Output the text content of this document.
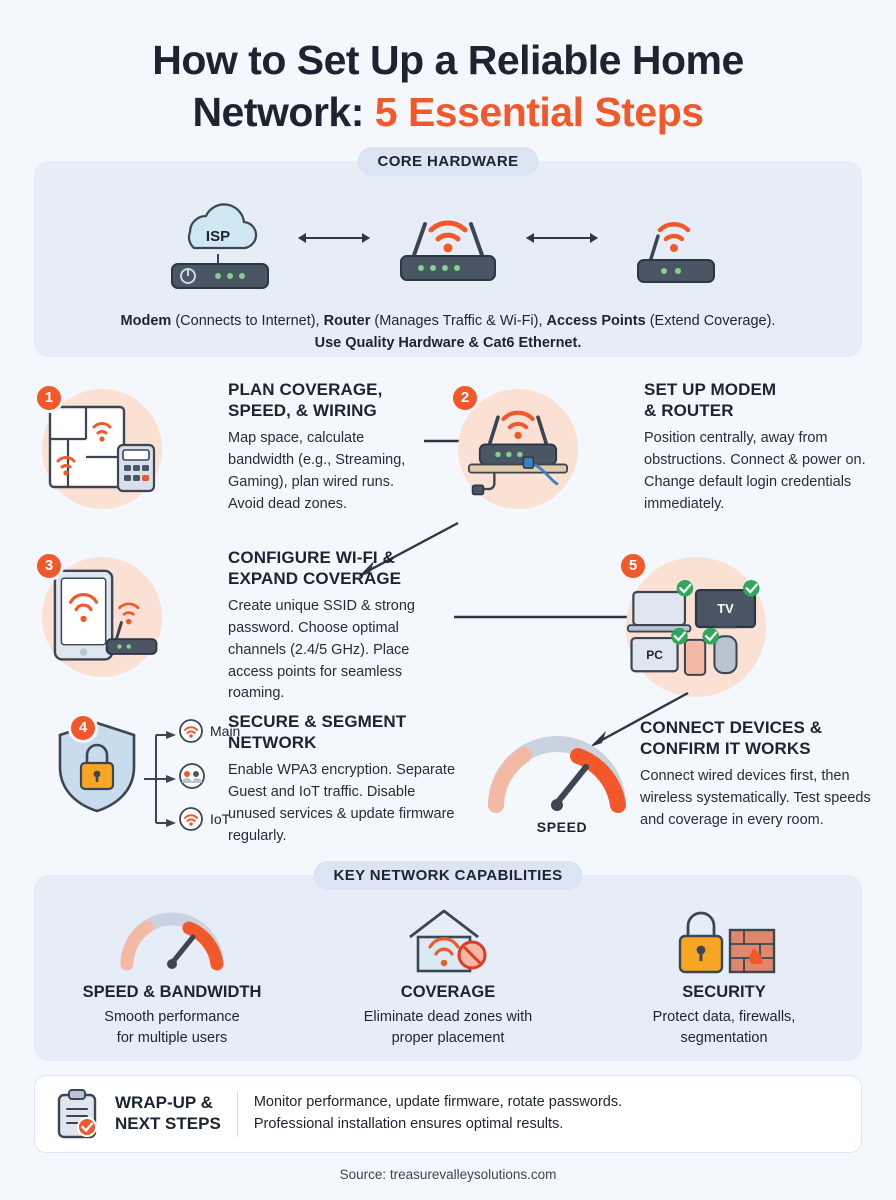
How to Set Up a Reliable Home
Network: 5 Essential Steps
CORE HARDWARE
ISP
Modem (Connects to Internet), Router (Manages Traffic & Wi-Fi), Access Points (Extend Coverage).
Use Quality Hardware & Cat6 Ethernet.
1	PLAN COVERAGE,
SPEED, & WIRING
Map space, calculate bandwidth (e.g., Streaming, Gaming), plan wired runs. Avoid dead zones.
2	SET UP MODEM
& ROUTER
Position centrally, away from obstructions. Connect & power on. Change default login credentials immediately.
3	CONFIGURE WI-FI &
EXPAND COVERAGE
Create unique SSID & strong password. Choose optimal channels (2.4/5 GHz). Place access points for seamless roaming.
5
TV
PC
CONNECT DEVICES &
CONFIRM IT WORKS
Connect wired devices first, then wireless systematically. Test speeds and coverage in every room.
SPEED
4	Main
IoT
SECURE & SEGMENT NETWORK
Enable WPA3 encryption. Separate Guest and IoT traffic. Disable unused services & update firmware regularly.
KEY NETWORK CAPABILITIES
SPEED & BANDWIDTH
Smooth performance
for multiple users
COVERAGE
Eliminate dead zones with
proper placement
SECURITY
Protect data, firewalls,
segmentation
WRAP-UP &
NEXT STEPS
Monitor performance, update firmware, rotate passwords.
Professional installation ensures optimal results.
Source: treasurevalleysolutions.com
